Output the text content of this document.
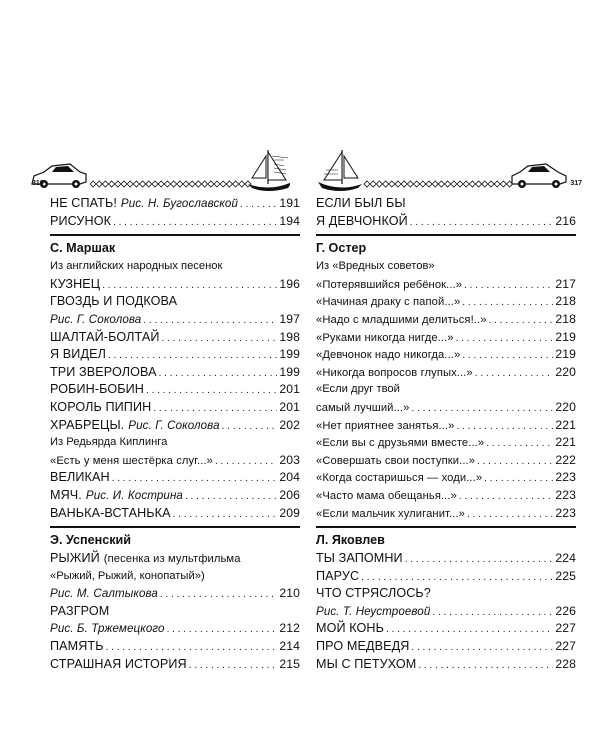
316
НЕ СПАТЬ! Рис. Н. Бугославской . . .	191
РИСУНОК . . .	194
С. Маршак
Из английских народных песенок
КУЗНЕЦ . . .	196
ГВОЗДЬ И ПОДКОВА
Рис. Г. Соколова . . .	197
ШАЛТАЙ-БОЛТАЙ . . .	198
Я ВИДЕЛ . . .	199
ТРИ ЗВЕРОЛОВА . . .	199
РОБИН-БОБИН . . .	201
КОРОЛЬ ПИПИН . . .	201
ХРАБРЕЦЫ. Рис. Г. Соколова . . .	202
Из Редьярда Киплинга
«Есть у меня шестёрка слуг...» . . .	203
ВЕЛИКАН . . .	204
МЯЧ. Рис. И. Кострина . . .	206
ВАНЬКА-ВСТАНЬКА . . .	209
Э. Успенский
РЫЖИЙ (песенка из мультфильма
«Рыжий, Рыжий, конопатый»)
Рис. М. Салтыкова . . .	210
РАЗГРОМ
Рис. Б. Тржемецкого . . .	212
ПАМЯТЬ . . .	214
СТРАШНАЯ ИСТОРИЯ . . .	215
317
ЕСЛИ БЫЛ БЫ
Я ДЕВЧОНКОЙ . . .	216
Г. Остер
Из «Вредных советов»
«Потерявшийся ребёнок...» . . .	217
«Начиная драку с папой...» . . .	218
«Надо с младшими делиться!..» . . .	218
«Руками никогда нигде...» . . .	219
«Девчонок надо никогда...» . . .	219
«Никогда вопросов глупых...» . . .	220
«Если друг твой
самый лучший...» . . .	220
«Нет приятнее занятья...» . . .	221
«Если вы с друзьями вместе...» . . .	221
«Совершать свои поступки...» . . .	222
«Когда состаришься — ходи...» . . .	223
«Часто мама обещанья...» . . .	223
«Если мальчик хулиганит...» . . .	223
Л. Яковлев
ТЫ ЗАПОМНИ . . .	224
ПАРУС . . .	225
ЧТО СТРЯСЛОСЬ?
Рис. Т. Неустроевой . . .	226
МОЙ КОНЬ . . .	227
ПРО МЕДВЕДЯ . . .	227
МЫ С ПЕТУХОМ . . .	228
